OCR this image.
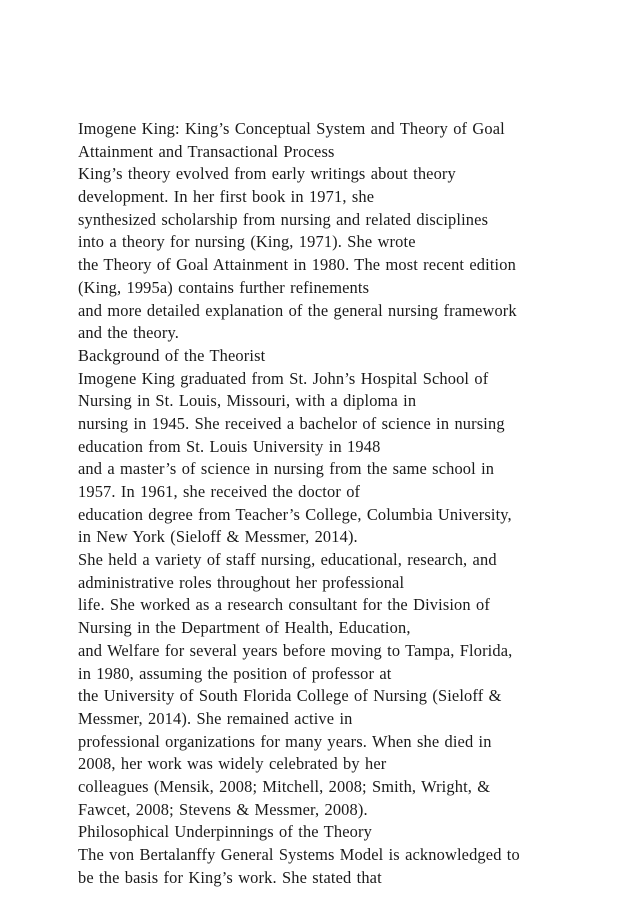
Imogene King: King’s Conceptual System and Theory of Goal
Attainment and Transactional Process
King’s theory evolved from early writings about theory
development. In her first book in 1971, she
synthesized scholarship from nursing and related disciplines
into a theory for nursing (King, 1971). She wrote
the Theory of Goal Attainment in 1980. The most recent edition
(King, 1995a) contains further refinements
and more detailed explanation of the general nursing framework
and the theory.
Background of the Theorist
Imogene King graduated from St. John’s Hospital School of
Nursing in St. Louis, Missouri, with a diploma in
nursing in 1945. She received a bachelor of science in nursing
education from St. Louis University in 1948
and a master’s of science in nursing from the same school in
1957. In 1961, she received the doctor of
education degree from Teacher’s College, Columbia University,
in New York (Sieloff & Messmer, 2014).
She held a variety of staff nursing, educational, research, and
administrative roles throughout her professional
life. She worked as a research consultant for the Division of
Nursing in the Department of Health, Education,
and Welfare for several years before moving to Tampa, Florida,
in 1980, assuming the position of professor at
the University of South Florida College of Nursing (Sieloff &
Messmer, 2014). She remained active in
professional organizations for many years. When she died in
2008, her work was widely celebrated by her
colleagues (Mensik, 2008; Mitchell, 2008; Smith, Wright, &
Fawcet, 2008; Stevens & Messmer, 2008).
Philosophical Underpinnings of the Theory
The von Bertalanffy General Systems Model is acknowledged to
be the basis for King’s work. She stated that
